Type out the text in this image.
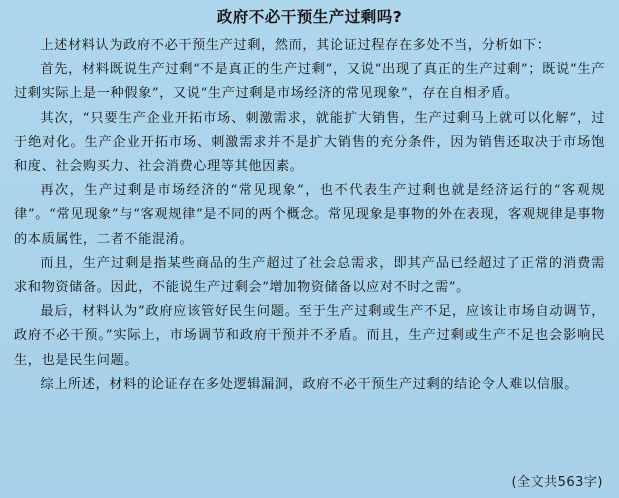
政府不必干预生产过剩吗?

上述材料认为政府不必干预生产过剩，然而，其论证过程存在多处不当，分析如下：

首先，材料既说生产过剩“不是真正的生产过剩”，又说“出现了真正的生产过剩”；既说“生产过剩实际上是一种假象”，又说“生产过剩是市场经济的常见现象”，存在自相矛盾。

其次，“只要生产企业开拓市场、刺激需求，就能扩大销售，生产过剩马上就可以化解”，过于绝对化。生产企业开拓市场、刺激需求并不是扩大销售的充分条件，因为销售还取决于市场饱和度、社会购买力、社会消费心理等其他因素。

再次，生产过剩是市场经济的“常见现象”，也不代表生产过剩也就是经济运行的“客观规律”。“常见现象”与“客观规律”是不同的两个概念。常见现象是事物的外在表现，客观规律是事物的本质属性，二者不能混淆。

而且，生产过剩是指某些商品的生产超过了社会总需求，即其产品已经超过了正常的消费需求和物资储备。因此，不能说生产过剩会“增加物资储备以应对不时之需”。

最后，材料认为“政府应该管好民生问题。至于生产过剩或生产不足，应该让市场自动调节，政府不必干预。”实际上，市场调节和政府干预并不矛盾。而且，生产过剩或生产不足也会影响民生，也是民生问题。

综上所述，材料的论证存在多处逻辑漏洞，政府不必干预生产过剩的结论令人难以信服。

(全文共563字)
